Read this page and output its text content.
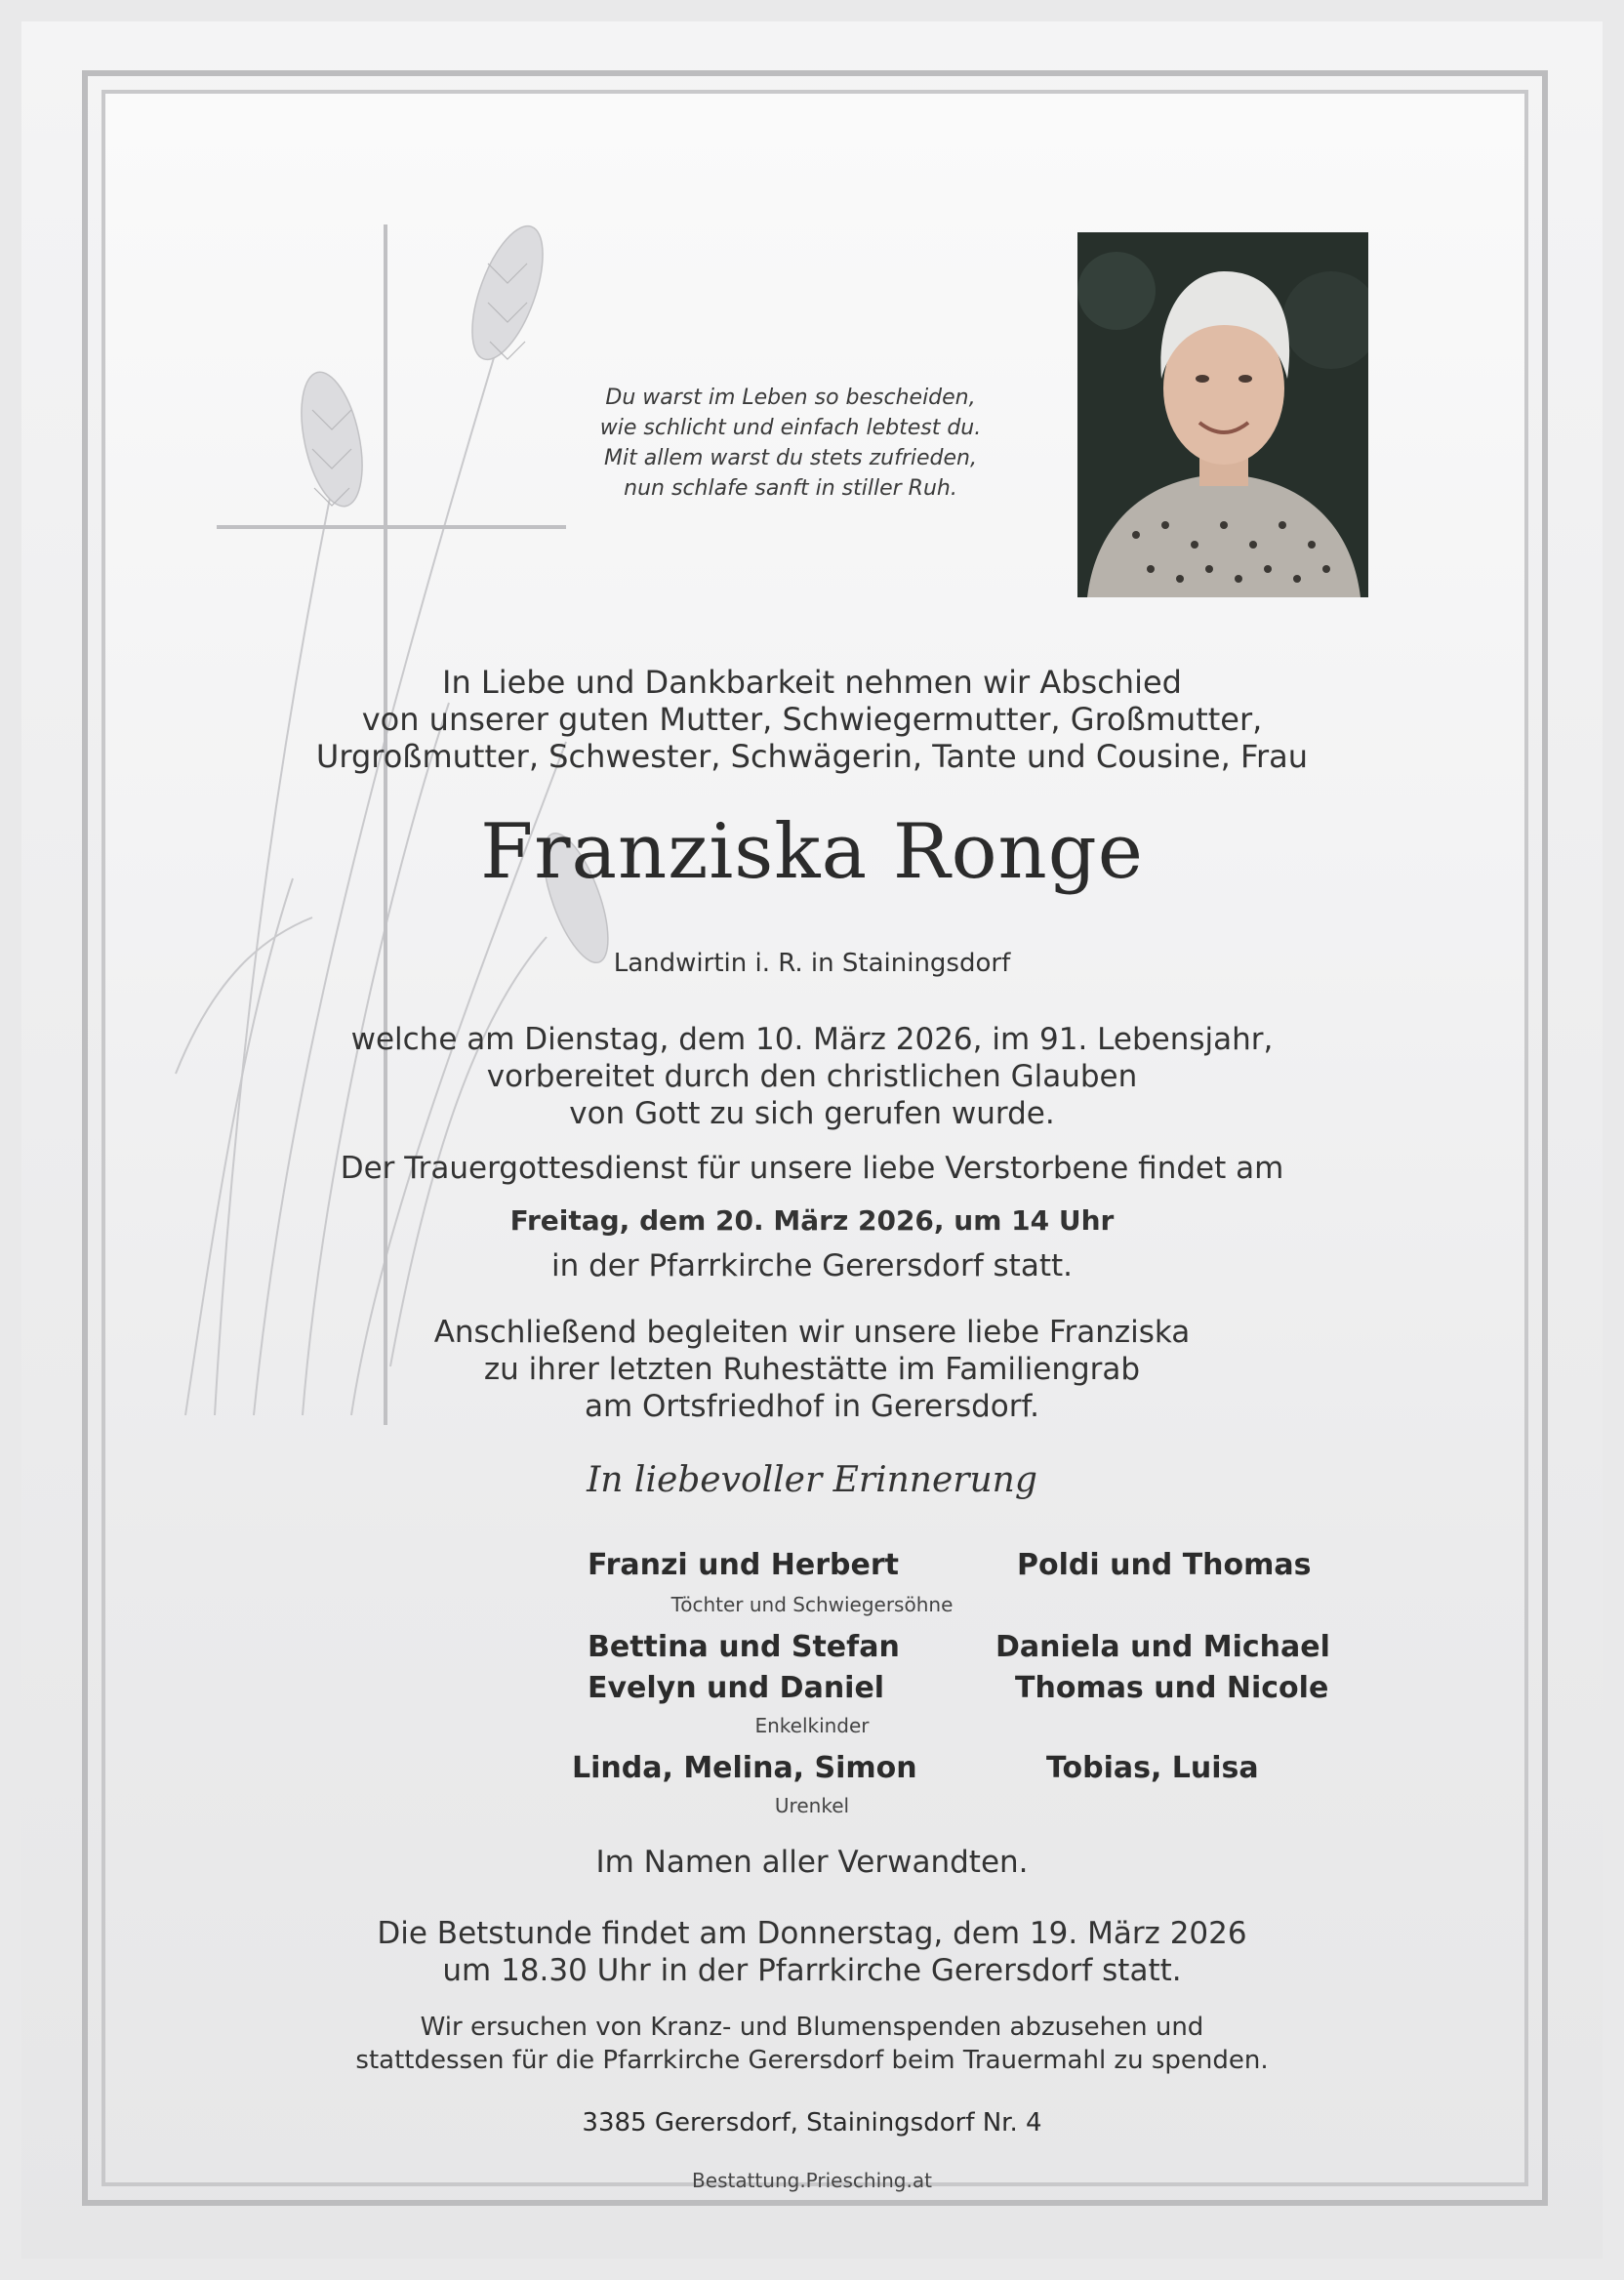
Du warst im Leben so bescheiden,
wie schlicht und einfach lebtest du.
Mit allem warst du stets zufrieden,
nun schlafe sanft in stiller Ruh.
In Liebe und Dankbarkeit nehmen wir Abschied
von unserer guten Mutter, Schwiegermutter, Großmutter,
Urgroßmutter, Schwester, Schwägerin, Tante und Cousine, Frau
Franziska Ronge
Landwirtin i. R. in Stainingsdorf
welche am Dienstag, dem 10. März 2026, im 91. Lebensjahr,
vorbereitet durch den christlichen Glauben
von Gott zu sich gerufen wurde.
Der Trauergottesdienst für unsere liebe Verstorbene findet am
Freitag, dem 20. März 2026, um 14 Uhr
in der Pfarrkirche Gerersdorf statt.
Anschließend begleiten wir unsere liebe Franziska
zu ihrer letzten Ruhestätte im Familiengrab
am Ortsfriedhof in Gerersdorf.
In liebevoller Erinnerung
Franzi und Herbert	Poldi und Thomas
Töchter und Schwiegersöhne
Bettina und Stefan	Daniela und Michael
Evelyn und Daniel	Thomas und Nicole
Enkelkinder
Linda, Melina, Simon	Tobias, Luisa
Urenkel
Im Namen aller Verwandten.
Die Betstunde findet am Donnerstag, dem 19. März 2026
um 18.30 Uhr in der Pfarrkirche Gerersdorf statt.
Wir ersuchen von Kranz- und Blumenspenden abzusehen und
stattdessen für die Pfarrkirche Gerersdorf beim Trauermahl zu spenden.
3385 Gerersdorf, Stainingsdorf Nr. 4
Bestattung.Priesching.at
